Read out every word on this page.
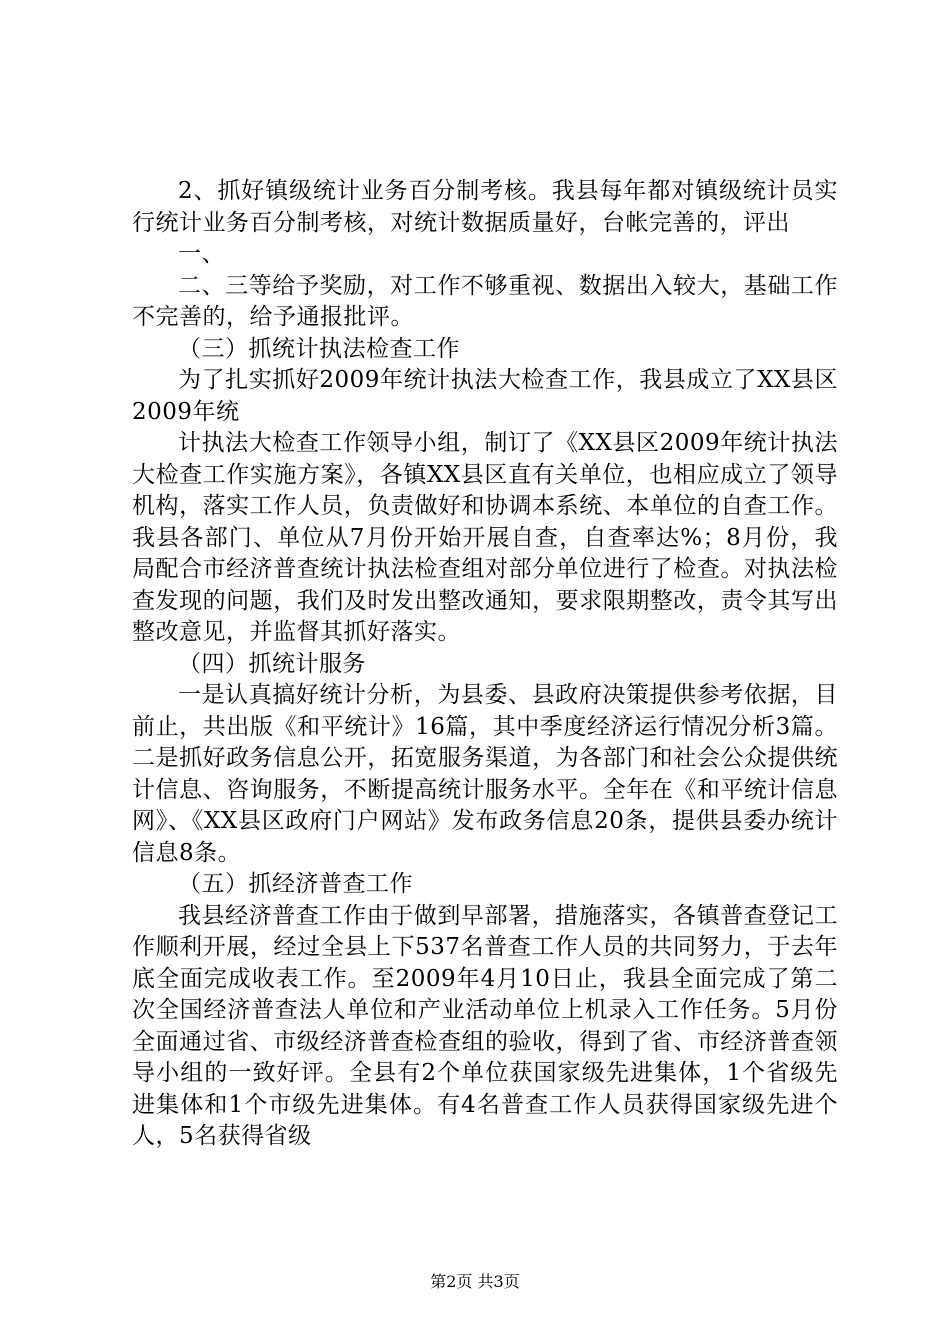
2、抓好镇级统计业务百分制考核。我县每年都对镇级统计员实行统计业务百分制考核，对统计数据质量好，台帐完善的，评出

一、

二、三等给予奖励，对工作不够重视、数据出入较大，基础工作不完善的，给予通报批评。

（三）抓统计执法检查工作

为了扎实抓好2009年统计执法大检查工作，我县成立了XX县区2009年统

计执法大检查工作领导小组，制订了《XX县区2009年统计执法大检查工作实施方案》，各镇XX县区直有关单位，也相应成立了领导机构，落实工作人员，负责做好和协调本系统、本单位的自查工作。我县各部门、单位从7月份开始开展自查，自查率达%；8月份，我局配合市经济普查统计执法检查组对部分单位进行了检查。对执法检查发现的问题，我们及时发出整改通知，要求限期整改，责令其写出整改意见，并监督其抓好落实。

（四）抓统计服务

一是认真搞好统计分析，为县委、县政府决策提供参考依据，目前止，共出版《和平统计》16篇，其中季度经济运行情况分析3篇。二是抓好政务信息公开，拓宽服务渠道，为各部门和社会公众提供统计信息、咨询服务，不断提高统计服务水平。全年在《和平统计信息网》、《XX县区政府门户网站》发布政务信息20条，提供县委办统计信息8条。

（五）抓经济普查工作

我县经济普查工作由于做到早部署，措施落实，各镇普查登记工作顺利开展，经过全县上下537名普查工作人员的共同努力，于去年底全面完成收表工作。至2009年4月10日止，我县全面完成了第二次全国经济普查法人单位和产业活动单位上机录入工作任务。5月份全面通过省、市级经济普查检查组的验收，得到了省、市经济普查领导小组的一致好评。全县有2个单位获国家级先进集体，1个省级先进集体和1个市级先进集体。有4名普查工作人员获得国家级先进个人，5名获得省级

第2页 共3页
